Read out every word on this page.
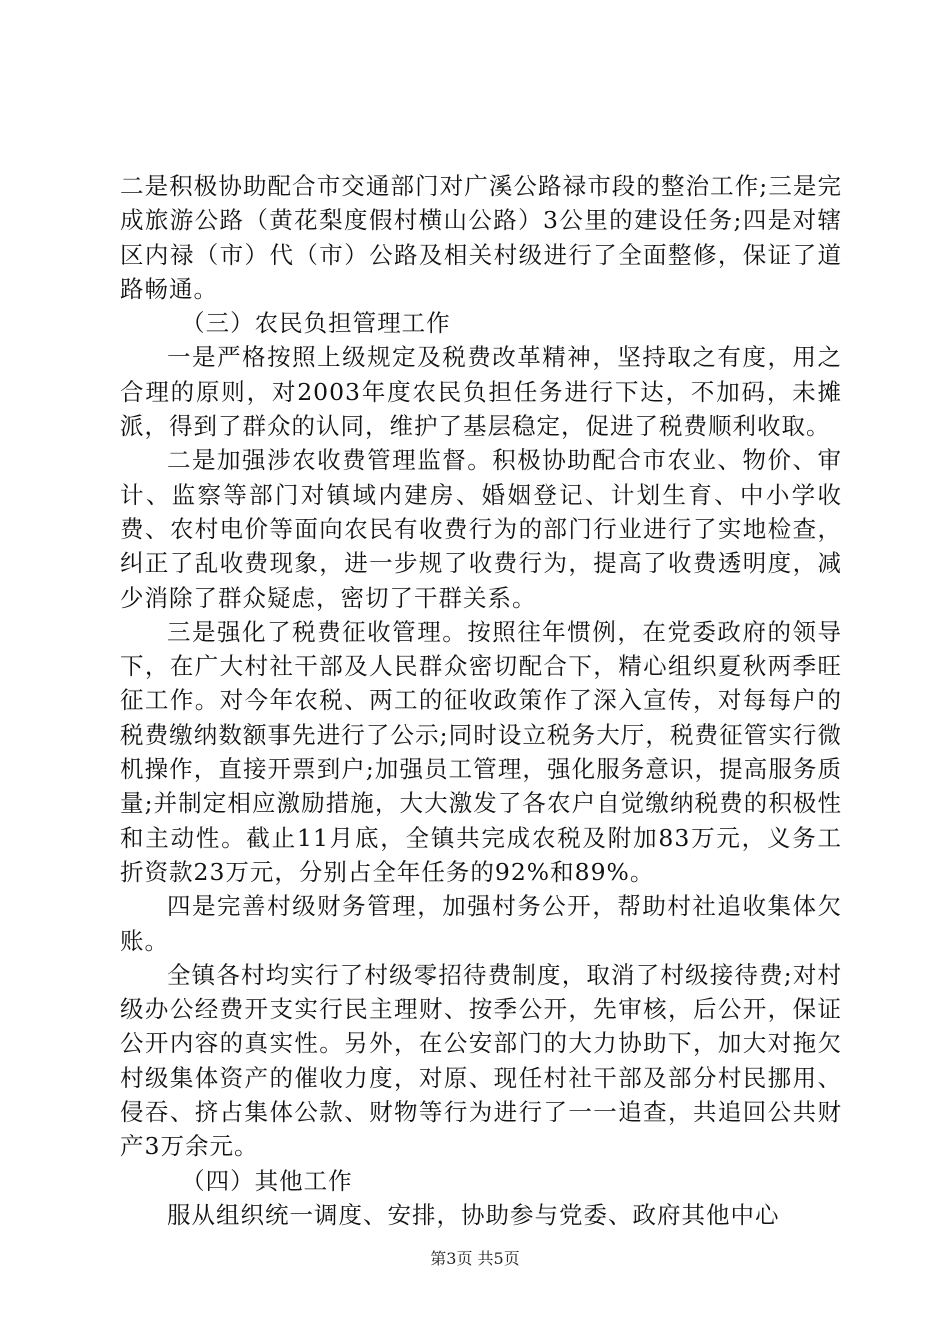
二是积极协助配合市交通部门对广溪公路禄市段的整治工作;三是完成旅游公路（黄花梨度假村横山公路）3公里的建设任务;四是对辖区内禄（市）代（市）公路及相关村级进行了全面整修，保证了道路畅通。

（三）农民负担管理工作

一是严格按照上级规定及税费改革精神，坚持取之有度，用之合理的原则，对2003年度农民负担任务进行下达，不加码，未摊派，得到了群众的认同，维护了基层稳定，促进了税费顺利收取。

二是加强涉农收费管理监督。积极协助配合市农业、物价、审计、监察等部门对镇域内建房、婚姻登记、计划生育、中小学收费、农村电价等面向农民有收费行为的部门行业进行了实地检查，纠正了乱收费现象，进一步规了收费行为，提高了收费透明度，减少消除了群众疑虑，密切了干群关系。

三是强化了税费征收管理。按照往年惯例，在党委政府的领导下，在广大村社干部及人民群众密切配合下，精心组织夏秋两季旺征工作。对今年农税、两工的征收政策作了深入宣传，对每每户的税费缴纳数额事先进行了公示;同时设立税务大厅，税费征管实行微机操作，直接开票到户;加强员工管理，强化服务意识，提高服务质量;并制定相应激励措施，大大激发了各农户自觉缴纳税费的积极性和主动性。截止11月底，全镇共完成农税及附加83万元，义务工折资款23万元，分别占全年任务的92%和89%。

四是完善村级财务管理，加强村务公开，帮助村社追收集体欠账。

全镇各村均实行了村级零招待费制度，取消了村级接待费;对村级办公经费开支实行民主理财、按季公开，先审核，后公开，保证公开内容的真实性。另外，在公安部门的大力协助下，加大对拖欠村级集体资产的催收力度，对原、现任村社干部及部分村民挪用、侵吞、挤占集体公款、财物等行为进行了一一追查，共追回公共财产3万余元。

（四）其他工作

服从组织统一调度、安排，协助参与党委、政府其他中心

第3页 共5页
